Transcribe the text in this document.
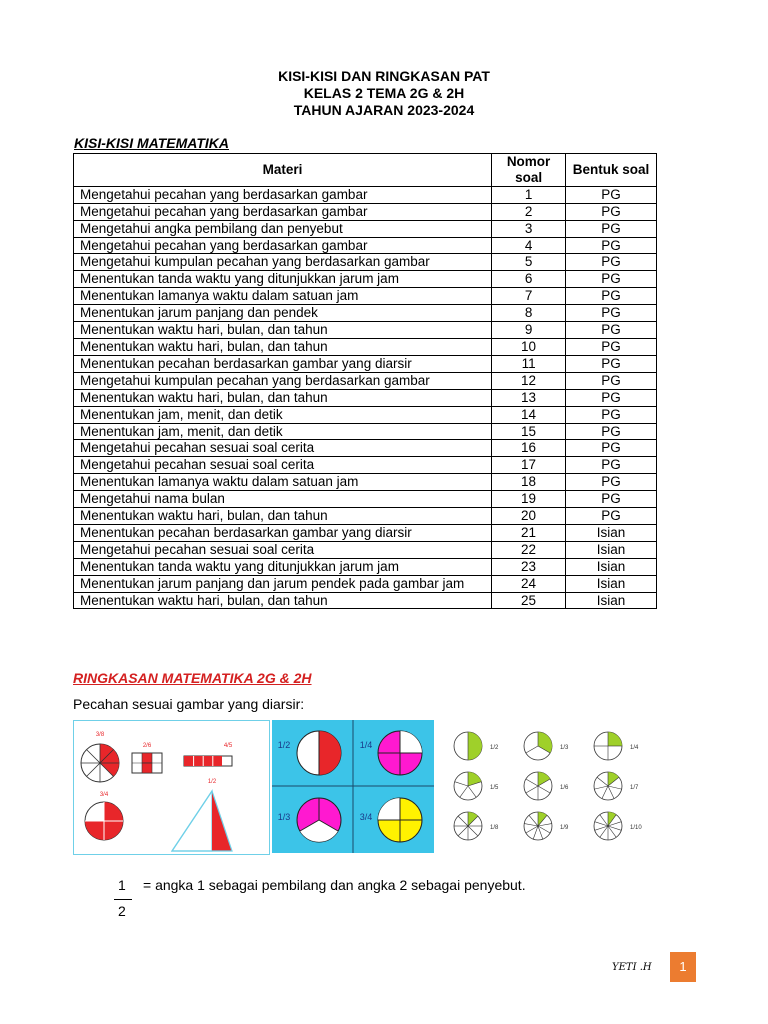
KISI-KISI DAN RINGKASAN PAT
KELAS 2 TEMA 2G & 2H
TAHUN AJARAN 2023-2024
KISI-KISI MATEMATIKA
Materi	Nomor soal	Bentuk soal
Mengetahui pecahan yang berdasarkan gambar	1	PG
Mengetahui pecahan yang berdasarkan gambar	2	PG
Mengetahui angka pembilang dan penyebut	3	PG
Mengetahui pecahan yang berdasarkan gambar	4	PG
Mengetahui kumpulan pecahan yang berdasarkan gambar	5	PG
Menentukan tanda waktu yang ditunjukkan jarum jam	6	PG
Menentukan lamanya waktu dalam satuan jam	7	PG
Menentukan jarum panjang dan pendek	8	PG
Menentukan waktu hari, bulan, dan tahun	9	PG
Menentukan waktu hari, bulan, dan tahun	10	PG
Menentukan pecahan berdasarkan gambar yang diarsir	11	PG
Mengetahui kumpulan pecahan yang berdasarkan gambar	12	PG
Menentukan waktu hari, bulan, dan tahun	13	PG
Menentukan jam, menit, dan detik	14	PG
Menentukan jam, menit, dan detik	15	PG
Mengetahui pecahan sesuai soal cerita	16	PG
Mengetahui pecahan sesuai soal cerita	17	PG
Menentukan lamanya waktu dalam satuan jam	18	PG
Mengetahui nama bulan	19	PG
Menentukan waktu hari, bulan, dan tahun	20	PG
Menentukan pecahan berdasarkan gambar yang diarsir	21	Isian
Mengetahui pecahan sesuai soal cerita	22	Isian
Menentukan tanda waktu yang ditunjukkan jarum jam	23	Isian
Menentukan jarum panjang dan jarum pendek pada gambar jam	24	Isian
Menentukan waktu hari, bulan, dan tahun	25	Isian
RINGKASAN MATEMATIKA 2G & 2H
Pecahan sesuai gambar yang diarsir:
3/8
2/6	4/5
3/4
1/2
1/2	1/4
1/3	3/4
1/2	1/3	1/4
1/5	1/6	1/7
1/8	1/9	1/10
1
2
= angka 1 sebagai pembilang dan angka 2 sebagai penyebut.
YETI .H	1
